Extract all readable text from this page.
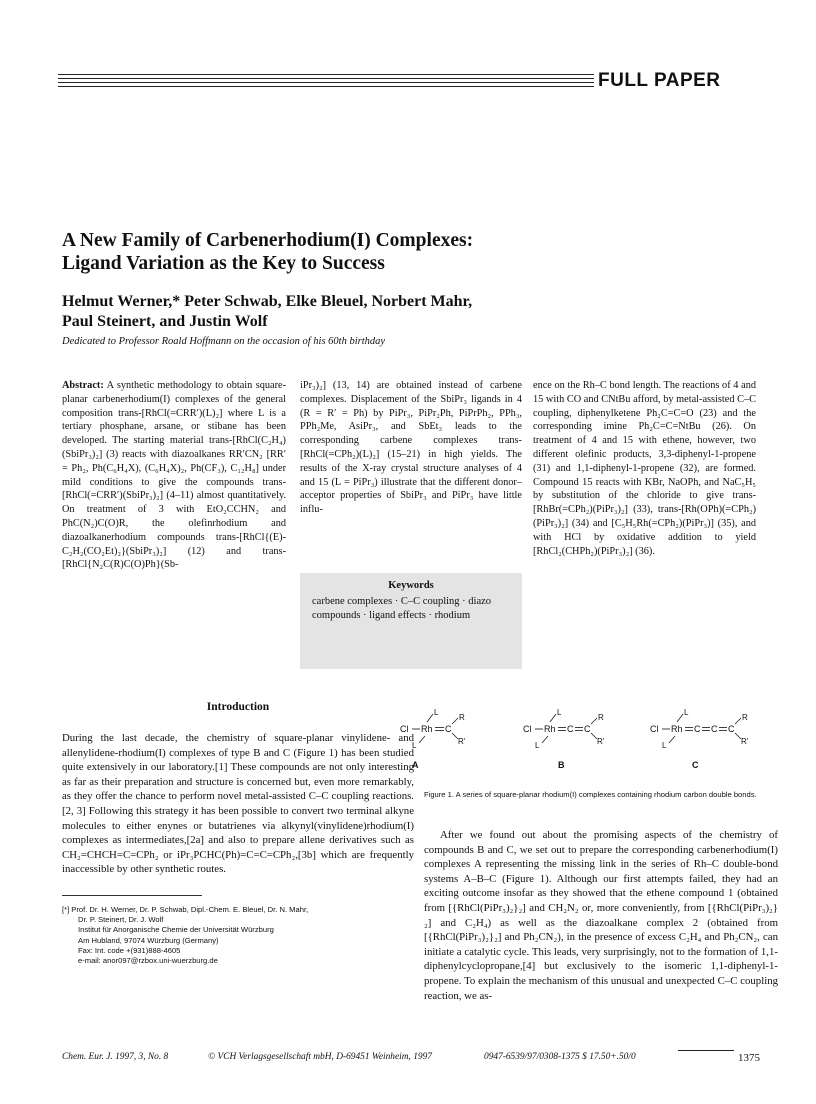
FULL PAPER
A New Family of Carbenerhodium(I) Complexes:
Ligand Variation as the Key to Success
Helmut Werner,* Peter Schwab, Elke Bleuel, Norbert Mahr,
Paul Steinert, and Justin Wolf
Dedicated to Professor Roald Hoffmann on the occasion of his 60th birthday

Abstract: A synthetic methodology to obtain square-planar carbenerhodium(I) complexes of the general composition trans-[RhCl(=CRR′)(L)₂] where L is a tertiary phosphane, arsane, or stibane has been developed. The starting material trans-[RhCl(C₂H₄)(SbiPr₃)₂] (3) reacts with diazoalkanes RR′CN₂ [RR′ = Ph₂, Ph(C₆H₄X), (C₆H₄X)₂, Ph(CF₃), C₁₂H₈] under mild conditions to give the compounds trans-[RhCl(=CRR′)(SbiPr₃)₂] (4–11) almost quantitatively. On treatment of 3 with EtO₂CCHN₂ and PhC(N₂)C(O)R, the olefinrhodium and diazoalkanerhodium compounds trans-[RhCl{(E)-C₂H₂(CO₂Et)₂}(SbiPr₃)₂] (12) and trans-[RhCl{N₂C(R)C(O)Ph}(Sb-

iPr₃)₂] (13, 14) are obtained instead of carbene complexes. Displacement of the SbiPr₃ ligands in 4 (R = R′ = Ph) by PiPr₃, PiPr₂Ph, PiPrPh₂, PPh₃, PPh₂Me, AsiPr₃, and SbEt₃ leads to the corresponding carbene complexes trans-[RhCl(=CPh₂)(L)₂] (15–21) in high yields. The results of the X-ray crystal structure analyses of 4 and 15 (L = PiPr₃) illustrate that the different donor–acceptor properties of SbiPr₃ and PiPr₃ have little influ-

ence on the Rh–C bond length. The reactions of 4 and 15 with CO and CNtBu afford, by metal-assisted C–C coupling, diphenylketene Ph₂C=C=O (23) and the corresponding imine Ph₂C=C=NtBu (26). On treatment of 4 and 15 with ethene, however, two different olefinic products, 3,3-diphenyl-1-propene (31) and 1,1-diphenyl-1-propene (32), are formed. Compound 15 reacts with KBr, NaOPh, and NaC₅H₅ by substitution of the chloride to give trans-[RhBr(=CPh₂)(PiPr₃)₂] (33), trans-[Rh(OPh)(=CPh₂)(PiPr₃)₂] (34) and [C₅H₅Rh(=CPh₂)(PiPr₃)] (35), and with HCl by oxidative addition to yield [RhCl₂(CHPh₂)(PiPr₃)₂] (36).

Keywords
carbene complexes · C–C coupling · diazo compounds · ligand effects · rhodium
Introduction

During the last decade, the chemistry of square-planar vinylidene- and allenylidene-rhodium(I) complexes of type B and C (Figure 1) has been studied quite extensively in our laboratory.[1] These compounds are not only interesting as far as their preparation and structure is concerned but, even more remarkably, as they offer the chance to perform novel metal-assisted C–C coupling reactions.[2, 3] Following this strategy it has been possible to convert two terminal alkyne molecules to either enynes or butatrienes via alkynyl(vinylidene)rhodium(I) complexes as intermediates,[2a] and also to prepare allene derivatives such as CH₂=CHCH=C=CPh₂ or iPr₃PCHC(Ph)=C=C=CPh₂,[3b] which are frequently inaccessible by other synthetic routes.

Cl Rh C
L
L
R
R'
A
Cl Rh C C
L
L
R
R'
B
Cl Rh C C C
L
L
R
R'
C
Figure 1. A series of square-planar rhodium(I) complexes containing rhodium carbon double bonds.

After we found out about the promising aspects of the chemistry of compounds B and C, we set out to prepare the corresponding carbenerhodium(I) complexes A representing the missing link in the series of Rh–C double-bond systems A–B–C (Figure 1). Although our first attempts failed, they had an exciting outcome insofar as they showed that the ethene compound 1 (obtained from [{RhCl(PiPr₃)₂}₂] and CH₂N₂ or, more conveniently, from [{RhCl(PiPr₃)₂}₂] and C₂H₄) as well as the diazoalkane complex 2 (obtained from [{RhCl(PiPr₃)₂}₂] and Ph₂CN₂), in the presence of excess C₂H₄ and Ph₂CN₂, can initiate a catalytic cycle. This leads, very surprisingly, not to the formation of 1,1-diphenylcyclopropane,[4] but exclusively to the isomeric 1,1-diphenyl-1-propene. To explain the mechanism of this unusual and unexpected C–C coupling reaction, we as-

[*] Prof. Dr. H. Werner, Dr. P. Schwab, Dipl.-Chem. E. Bleuel, Dr. N. Mahr,
Dr. P. Steinert, Dr. J. Wolf
Institut für Anorganische Chemie der Universität Würzburg
Am Hubland, 97074 Würzburg (Germany)
Fax: Int. code +(931)888-4605
e-mail: anor097@rzbox.uni-wuerzburg.de
Chem. Eur. J. 1997, 3, No. 8	© VCH Verlagsgesellschaft mbH, D-69451 Weinheim, 1997	0947-6539/97/0308-1375 $ 17.50+.50/0	1375
